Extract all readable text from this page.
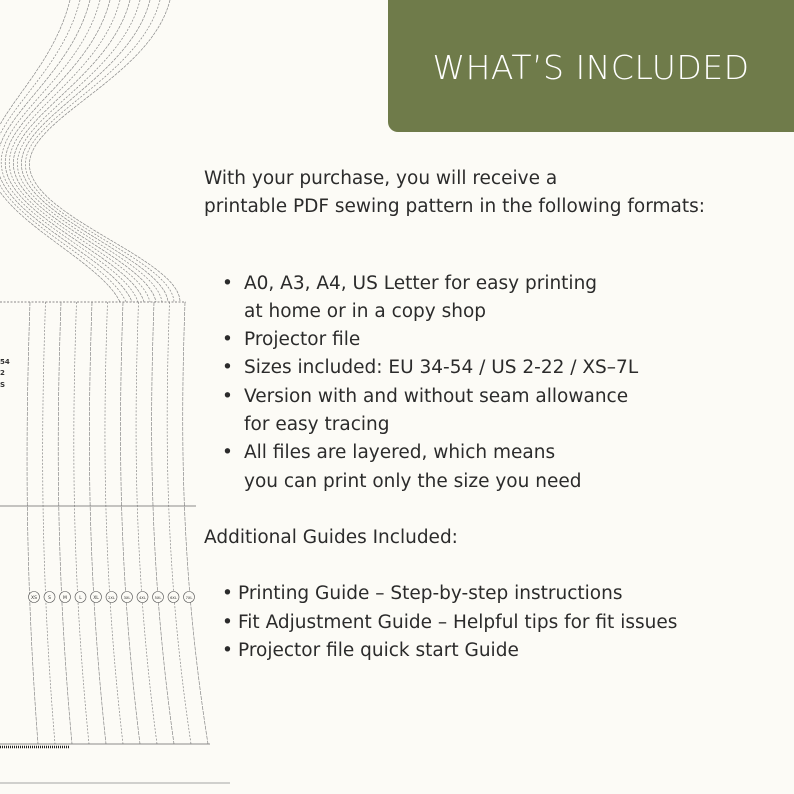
54
2
S
XS S	M	L	XL	2XL 3XL 4XL 5XL 6XL 7XL
WHAT’S INCLUDED

With your purchase, you will receive a

printable PDF sewing pattern in the following formats:

• A0, A3, A4, US Letter for easy printing
at home or in a copy shop
• Projector file
• Sizes included: EU 34-54 / US 2-22 / XS–7L
• Version with and without seam allowance
for easy tracing
• All files are layered, which means
you can print only the size you need

Additional Guides Included:

• Printing Guide – Step-by-step instructions
• Fit Adjustment Guide – Helpful tips for fit issues
• Projector file quick start Guide
